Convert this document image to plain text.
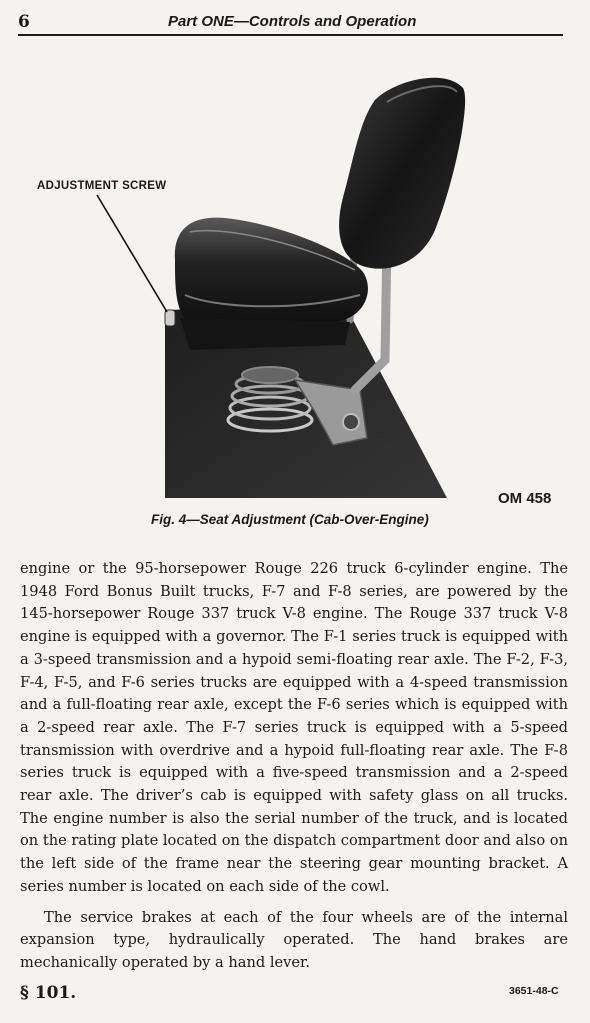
6	Part ONE—Controls and Operation
ADJUSTMENT SCREW
OM 458
Fig. 4—Seat Adjustment (Cab-Over-Engine)

engine or the 95-horsepower Rouge 226 truck 6-cylinder engine. The 1948 Ford Bonus Built trucks, F-7 and F-8 series, are powered by the 145-horsepower Rouge 337 truck V-8 engine. The Rouge 337 truck V-8 engine is equipped with a governor. The F-1 series truck is equipped with a 3-speed transmission and a hypoid semi-floating rear axle. The F-2, F-3, F-4, F-5, and F-6 series trucks are equipped with a 4-speed transmission and a full-floating rear axle, except the F-6 series which is equipped with a 2-speed rear axle. The F-7 series truck is equipped with a 5-speed transmission with overdrive and a hypoid full-floating rear axle. The F-8 series truck is equipped with a five-speed transmission and a 2-speed rear axle. The driver’s cab is equipped with safety glass on all trucks. The engine number is also the serial number of the truck, and is located on the rating plate located on the dispatch compartment door and also on the left side of the frame near the steering gear mounting bracket. A series number is located on each side of the cowl.

The service brakes at each of the four wheels are of the internal expansion type, hydraulically operated. The hand brakes are mechanically operated by a hand lever.

§ 101.	3651-48-C
